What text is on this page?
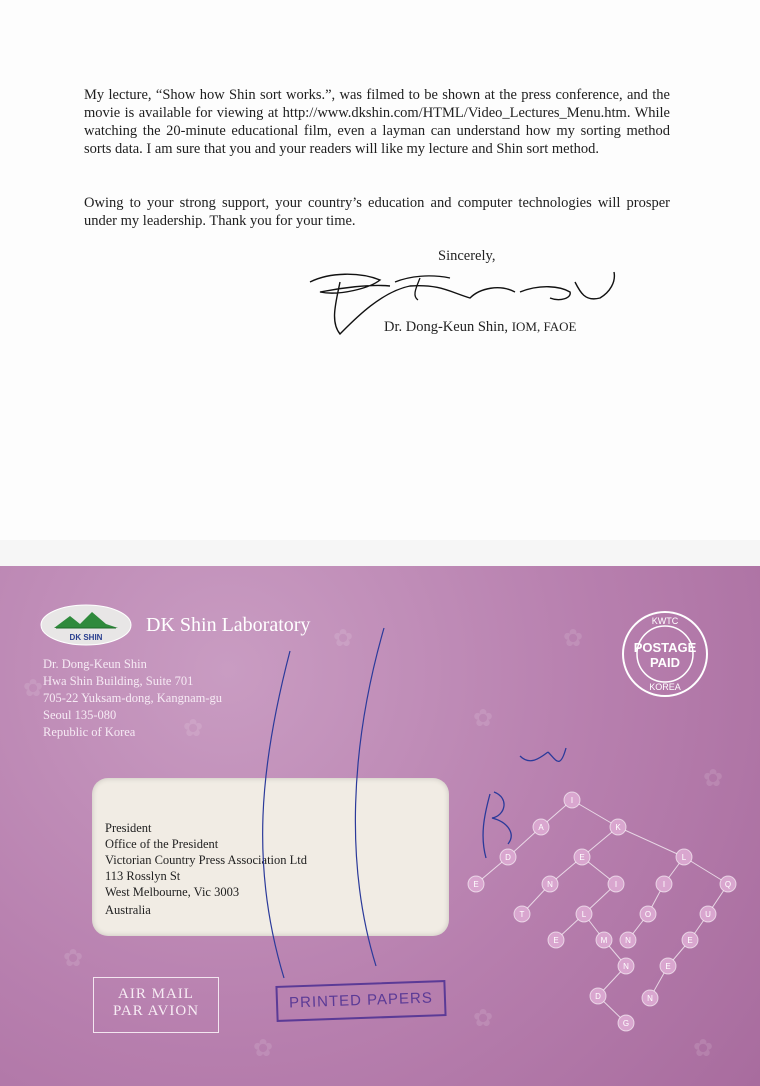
My lecture, “Show how Shin sort works.”, was filmed to be shown at the press conference, and the movie is available for viewing at http://www.dkshin.com/HTML/Video_Lectures_Menu.htm. While watching the 20-minute educational film, even a layman can understand how my sorting method sorts data. I am sure that you and your readers will like my lecture and Shin sort method.

Owing to your strong support, your country’s education and computer technologies will prosper under my leadership. Thank you for your time.

Sincerely,
Dr. Dong-Keun Shin, IOM, FAOE
✿
✿
✿
✿
✿
✿
✿
✿
✿
✿
DK SHIN
DK Shin Laboratory
Dr. Dong-Keun Shin
Hwa Shin Building, Suite 701
705-22 Yuksam-dong, Kangnam-gu
Seoul 135-080
Republic of Korea
KWTC
POSTAGE
PAID
KOREA
President
Office of the President
Victorian Country Press Association Ltd
113 Rosslyn St
West Melbourne, Vic 3003
Australia
AIR MAIL
PAR AVION	PRINTED PAPERS
I
A	K
D	E	L
E	N	I	I	Q
T	L	O	U
E	M N	E
N	E
D	N
G
